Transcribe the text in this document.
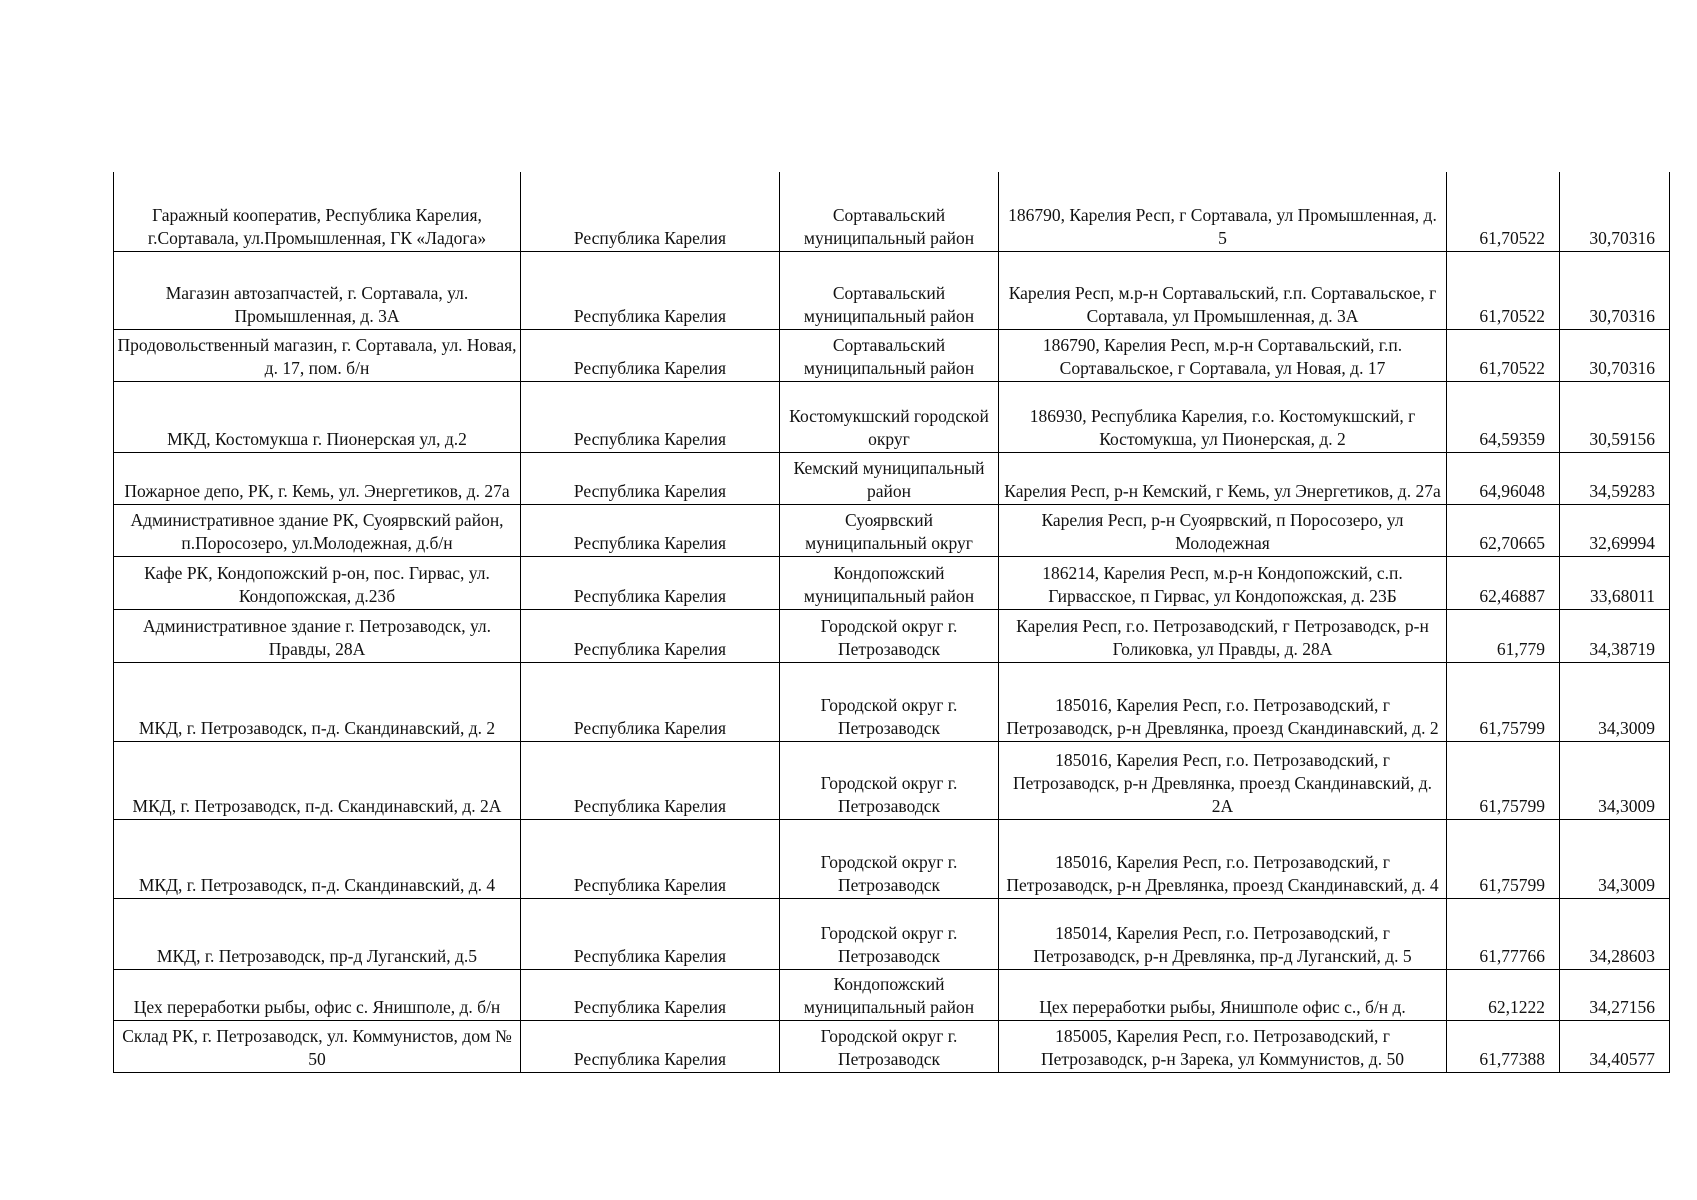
Гаражный кооператив, Республика Карелия, г.Сортавала, ул.Промышленная, ГК «Ладога»	Республика Карелия	Сортавальский муниципальный район	186790, Карелия Респ, г Сортавала, ул Промышленная, д. 5	61,70522	30,70316
Магазин автозапчастей, г. Сортавала, ул. Промышленная, д. 3А	Республика Карелия	Сортавальский муниципальный район	Карелия Респ, м.р-н Сортавальский, г.п. Сортавальское, г Сортавала, ул Промышленная, д. 3А	61,70522	30,70316
Продовольственный магазин, г. Сортавала, ул. Новая, д. 17, пом. б/н	Республика Карелия	Сортавальский муниципальный район	186790, Карелия Респ, м.р-н Сортавальский, г.п. Сортавальское, г Сортавала, ул Новая, д. 17	61,70522	30,70316
МКД, Костомукша г. Пионерская ул, д.2	Республика Карелия	Костомукшский городской округ	186930, Республика Карелия, г.о. Костомукшский, г Костомукша, ул Пионерская, д. 2	64,59359	30,59156
Пожарное депо, РК, г. Кемь, ул. Энергетиков, д. 27а	Республика Карелия	Кемский муниципальный район	Карелия Респ, р-н Кемский, г Кемь, ул Энергетиков, д. 27а	64,96048	34,59283
Административное здание РК, Суоярвский район, п.Поросозеро, ул.Молодежная, д.б/н	Республика Карелия	Суоярвский муниципальный округ	Карелия Респ, р-н Суоярвский, п Поросозеро, ул Молодежная	62,70665	32,69994
Кафе РК, Кондопожский р-он, пос. Гирвас, ул. Кондопожская, д.23б	Республика Карелия	Кондопожский муниципальный район	186214, Карелия Респ, м.р-н Кондопожский, с.п. Гирвасское, п Гирвас, ул Кондопожская, д. 23Б	62,46887	33,68011
Административное здание г. Петрозаводск, ул. Правды, 28А	Республика Карелия	Городской округ г. Петрозаводск	Карелия Респ, г.о. Петрозаводский, г Петрозаводск, р-н Голиковка, ул Правды, д. 28А	61,779	34,38719
МКД, г. Петрозаводск, п-д. Скандинавский, д. 2	Республика Карелия	Городской округ г. Петрозаводск	185016, Карелия Респ, г.о. Петрозаводский, г Петрозаводск, р-н Древлянка, проезд Скандинавский, д. 2	61,75799	34,3009
МКД, г. Петрозаводск, п-д. Скандинавский, д. 2А	Республика Карелия	Городской округ г. Петрозаводск	185016, Карелия Респ, г.о. Петрозаводский, г Петрозаводск, р-н Древлянка, проезд Скандинавский, д. 2А	61,75799	34,3009
МКД, г. Петрозаводск, п-д. Скандинавский, д. 4	Республика Карелия	Городской округ г. Петрозаводск	185016, Карелия Респ, г.о. Петрозаводский, г Петрозаводск, р-н Древлянка, проезд Скандинавский, д. 4	61,75799	34,3009
МКД, г. Петрозаводск, пр-д Луганский, д.5	Республика Карелия	Городской округ г. Петрозаводск	185014, Карелия Респ, г.о. Петрозаводский, г Петрозаводск, р-н Древлянка, пр-д Луганский, д. 5	61,77766	34,28603
Цех переработки рыбы, офис с. Янишполе, д. б/н	Республика Карелия	Кондопожский муниципальный район	Цех переработки рыбы, Янишполе офис с., б/н д.	62,1222	34,27156
Склад РК, г. Петрозаводск, ул. Коммунистов, дом № 50	Республика Карелия	Городской округ г. Петрозаводск	185005, Карелия Респ, г.о. Петрозаводский, г Петрозаводск, р-н Зарека, ул Коммунистов, д. 50	61,77388	34,40577
